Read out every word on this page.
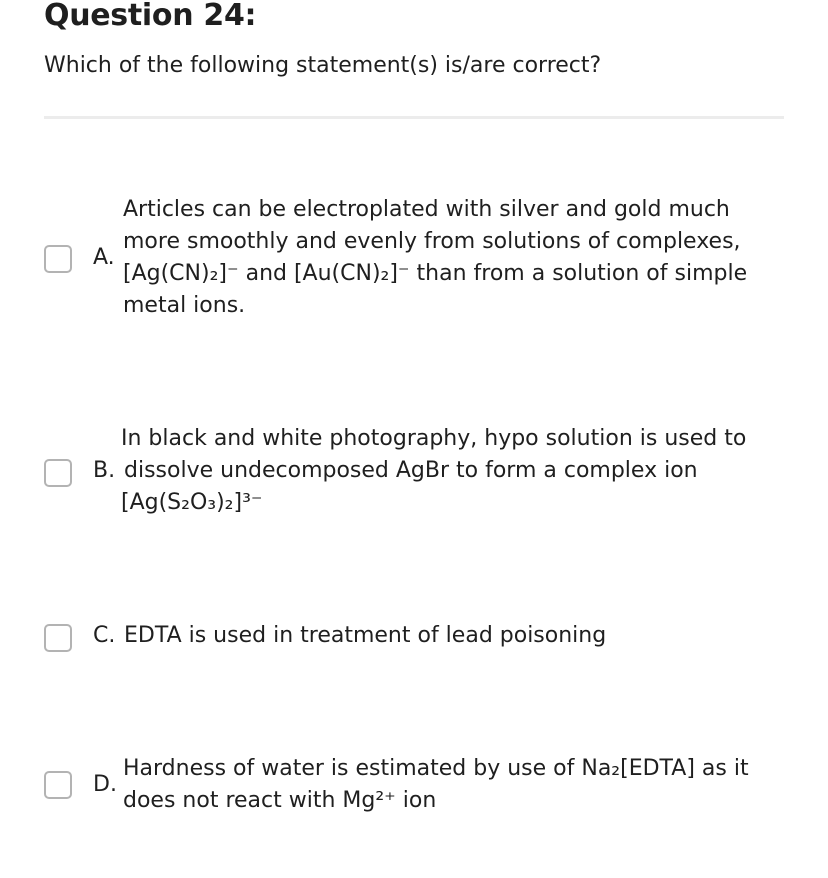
Question 24:
Which of the following statement(s) is/are correct?
A.
Articles can be electroplated with silver and gold much
more smoothly and evenly from solutions of complexes,
[Ag(CN)₂]⁻ and [Au(CN)₂]⁻ than from a solution of simple
metal ions.
B.
In black and white photography, hypo solution is used to
dissolve undecomposed AgBr to form a complex ion
[Ag(S₂O₃)₂]³⁻
C. EDTA is used in treatment of lead poisoning
D.
Hardness of water is estimated by use of Na₂[EDTA] as it
does not react with Mg²⁺ ion
